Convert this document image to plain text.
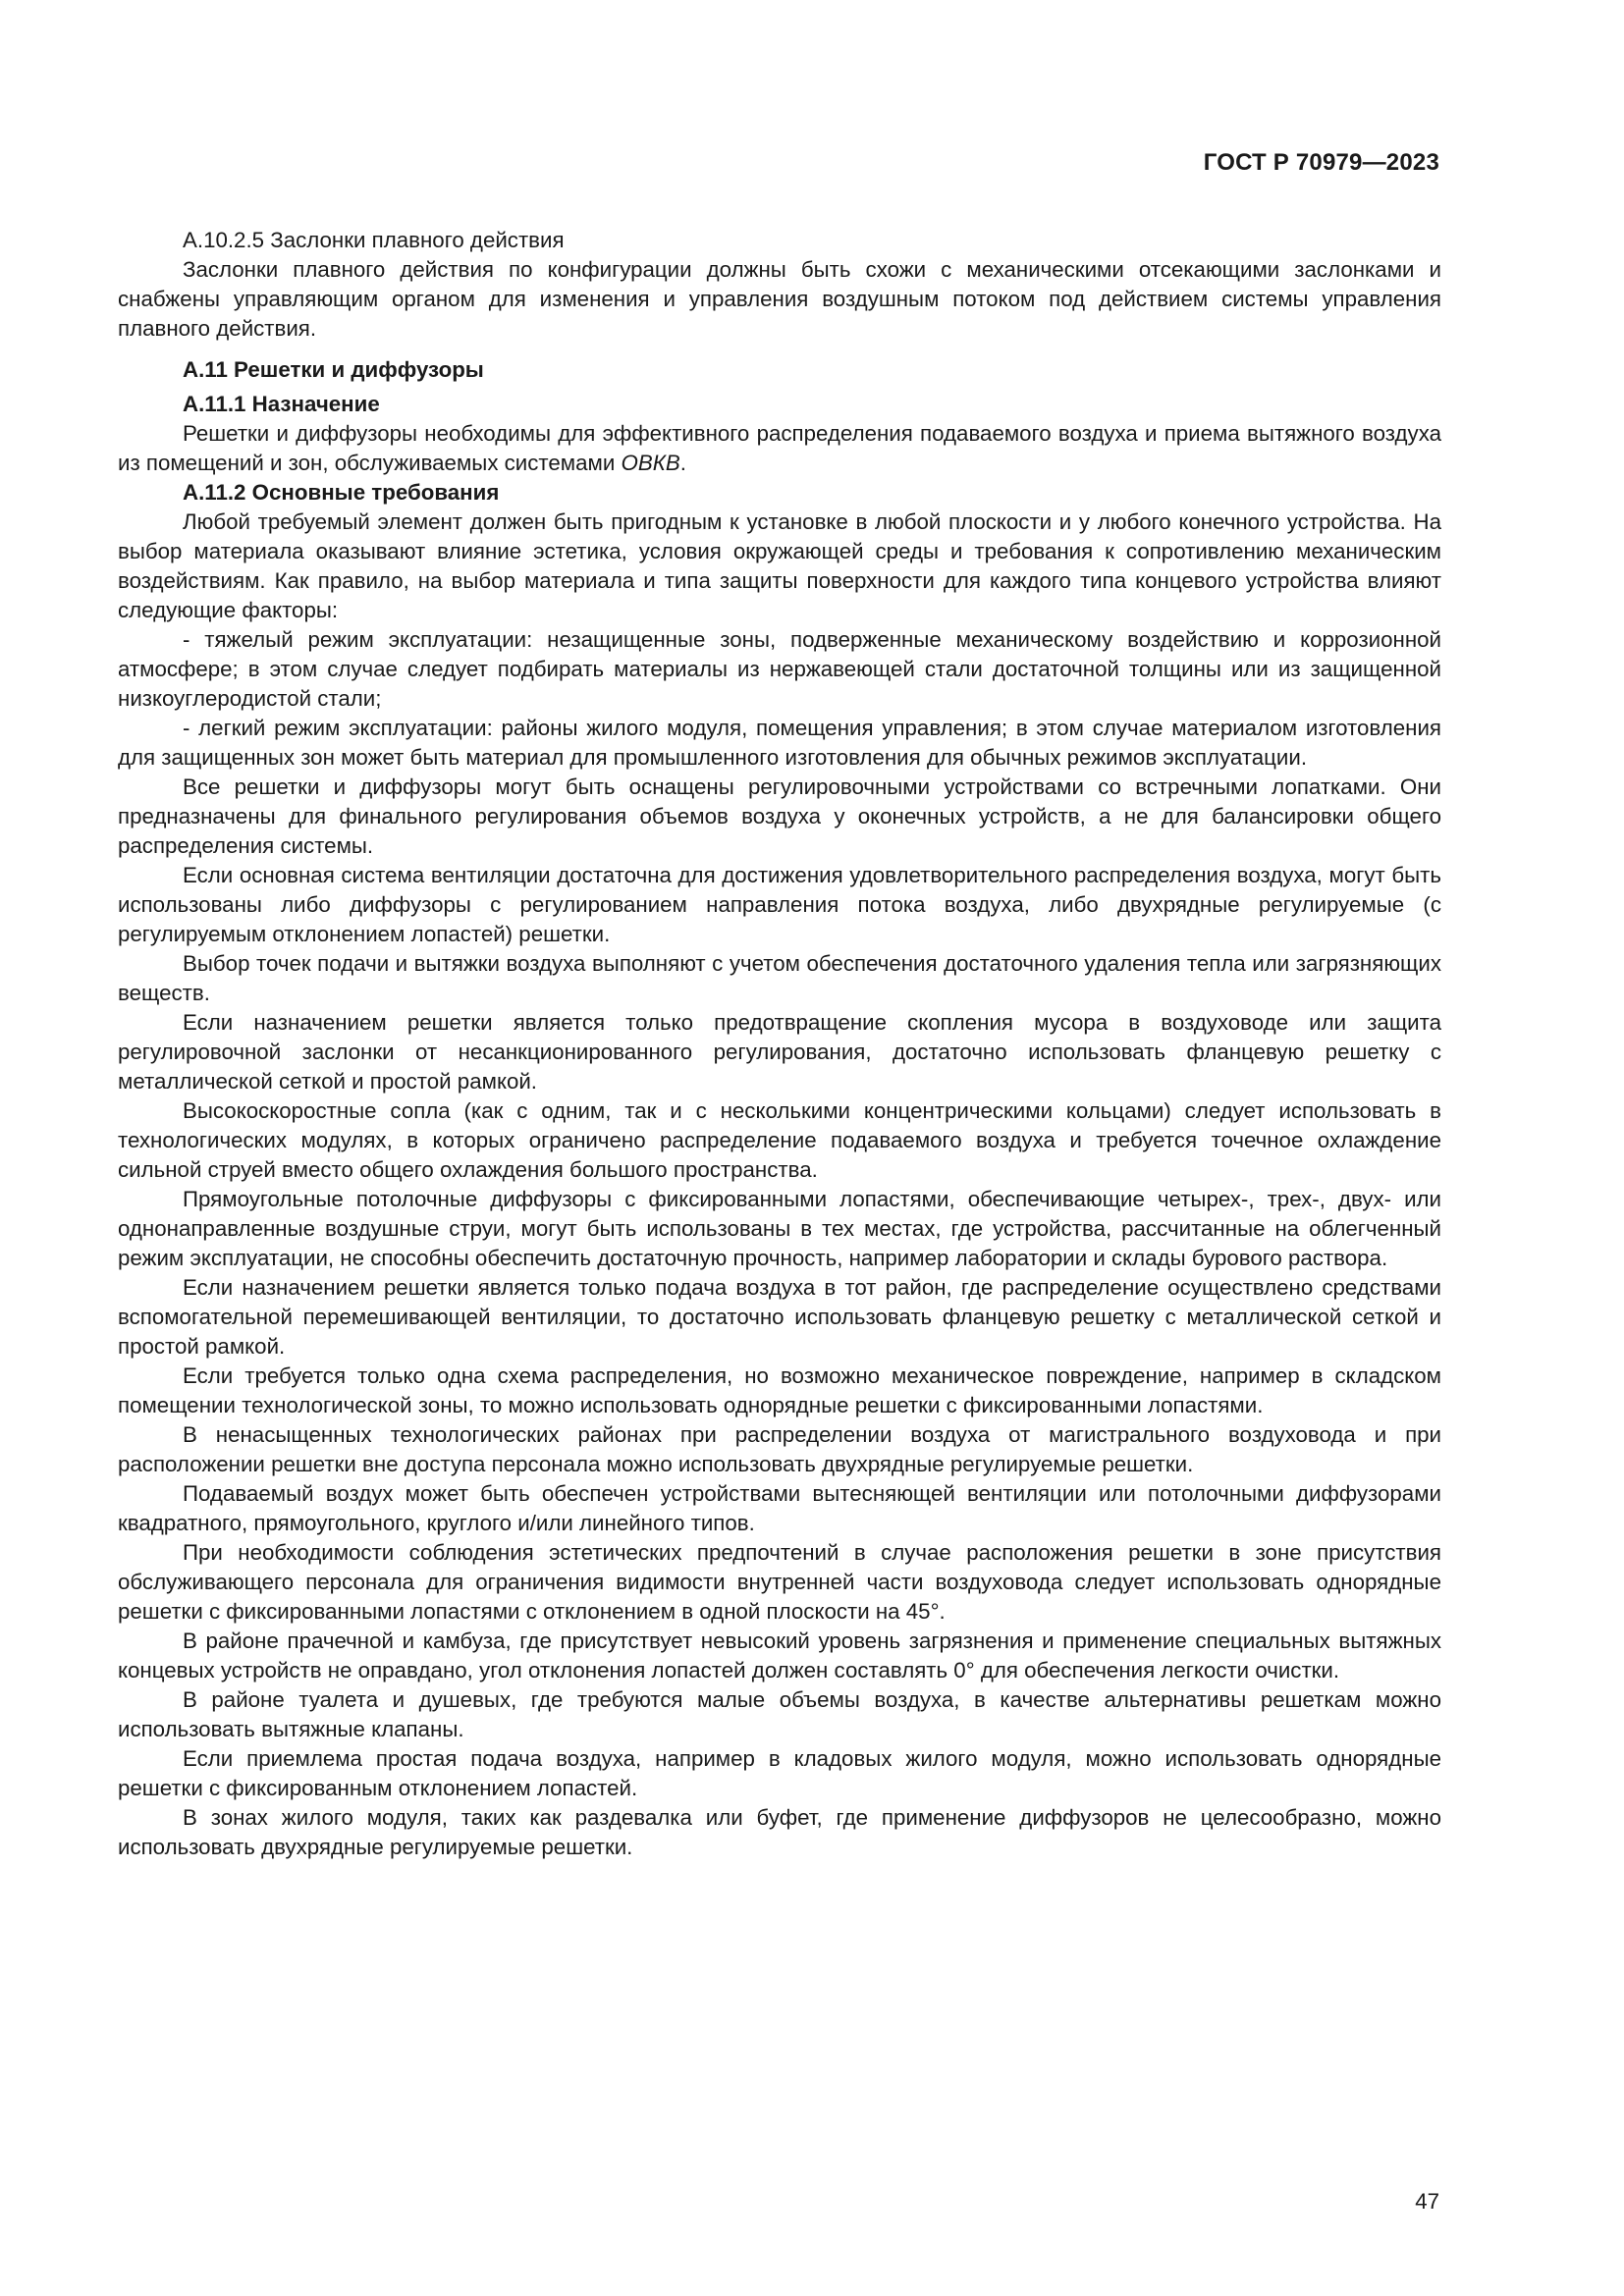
ГОСТ Р 70979—2023

А.10.2.5 Заслонки плавного действия

Заслонки плавного действия по конфигурации должны быть схожи с механическими отсекающими заслонками и снабжены управляющим органом для изменения и управления воздушным потоком под действием системы управления плавного действия.

А.11 Решетки и диффузоры

А.11.1 Назначение

Решетки и диффузоры необходимы для эффективного распределения подаваемого воздуха и приема вытяжного воздуха из помещений и зон, обслуживаемых системами ОВКВ.

А.11.2 Основные требования

Любой требуемый элемент должен быть пригодным к установке в любой плоскости и у любого конечного устройства. На выбор материала оказывают влияние эстетика, условия окружающей среды и требования к сопротивлению механическим воздействиям. Как правило, на выбор материала и типа защиты поверхности для каждого типа концевого устройства влияют следующие факторы:

- тяжелый режим эксплуатации: незащищенные зоны, подверженные механическому воздействию и коррозионной атмосфере; в этом случае следует подбирать материалы из нержавеющей стали достаточной толщины или из защищенной низкоуглеродистой стали;

- легкий режим эксплуатации: районы жилого модуля, помещения управления; в этом случае материалом изготовления для защищенных зон может быть материал для промышленного изготовления для обычных режимов эксплуатации.

Все решетки и диффузоры могут быть оснащены регулировочными устройствами со встречными лопатками. Они предназначены для финального регулирования объемов воздуха у оконечных устройств, а не для балансировки общего распределения системы.

Если основная система вентиляции достаточна для достижения удовлетворительного распределения воздуха, могут быть использованы либо диффузоры с регулированием направления потока воздуха, либо двухрядные регулируемые (с регулируемым отклонением лопастей) решетки.

Выбор точек подачи и вытяжки воздуха выполняют с учетом обеспечения достаточного удаления тепла или загрязняющих веществ.

Если назначением решетки является только предотвращение скопления мусора в воздуховоде или защита регулировочной заслонки от несанкционированного регулирования, достаточно использовать фланцевую решетку с металлической сеткой и простой рамкой.

Высокоскоростные сопла (как с одним, так и с несколькими концентрическими кольцами) следует использовать в технологических модулях, в которых ограничено распределение подаваемого воздуха и требуется точечное охлаждение сильной струей вместо общего охлаждения большого пространства.

Прямоугольные потолочные диффузоры с фиксированными лопастями, обеспечивающие четырех-, трех-, двух- или однонаправленные воздушные струи, могут быть использованы в тех местах, где устройства, рассчитанные на облегченный режим эксплуатации, не способны обеспечить достаточную прочность, например лаборатории и склады бурового раствора.

Если назначением решетки является только подача воздуха в тот район, где распределение осуществлено средствами вспомогательной перемешивающей вентиляции, то достаточно использовать фланцевую решетку с металлической сеткой и простой рамкой.

Если требуется только одна схема распределения, но возможно механическое повреждение, например в складском помещении технологической зоны, то можно использовать однорядные решетки с фиксированными лопастями.

В ненасыщенных технологических районах при распределении воздуха от магистрального воздуховода и при расположении решетки вне доступа персонала можно использовать двухрядные регулируемые решетки.

Подаваемый воздух может быть обеспечен устройствами вытесняющей вентиляции или потолочными диффузорами квадратного, прямоугольного, круглого и/или линейного типов.

При необходимости соблюдения эстетических предпочтений в случае расположения решетки в зоне присутствия обслуживающего персонала для ограничения видимости внутренней части воздуховода следует использовать однорядные решетки с фиксированными лопастями с отклонением в одной плоскости на 45°.

В районе прачечной и камбуза, где присутствует невысокий уровень загрязнения и применение специальных вытяжных концевых устройств не оправдано, угол отклонения лопастей должен составлять 0° для обеспечения легкости очистки.

В районе туалета и душевых, где требуются малые объемы воздуха, в качестве альтернативы решеткам можно использовать вытяжные клапаны.

Если приемлема простая подача воздуха, например в кладовых жилого модуля, можно использовать однорядные решетки с фиксированным отклонением лопастей.

В зонах жилого модуля, таких как раздевалка или буфет, где применение диффузоров не целесообразно, можно использовать двухрядные регулируемые решетки.

47
